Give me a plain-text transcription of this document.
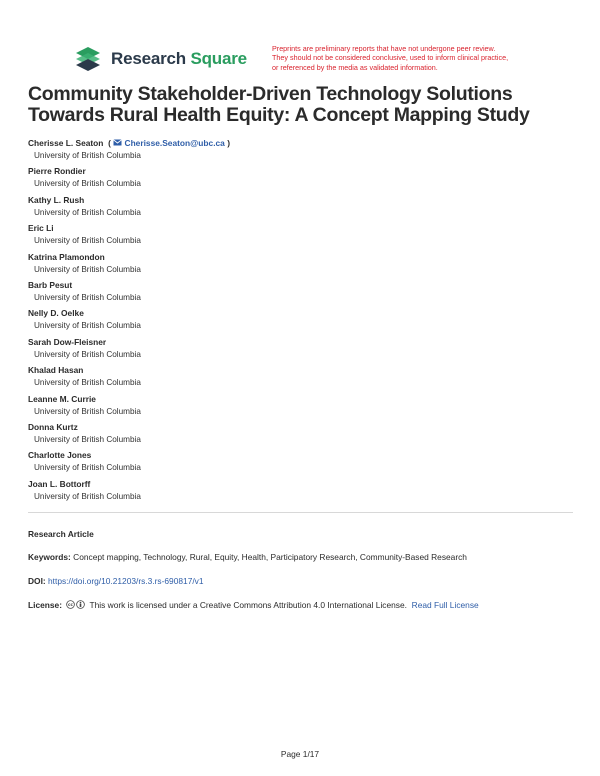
Research Square
Preprints are preliminary reports that have not undergone peer review.
They should not be considered conclusive, used to inform clinical practice,
or referenced by the media as validated information.
Community Stakeholder-Driven Technology Solutions Towards Rural Health Equity: A Concept Mapping Study
Cherisse L. Seaton ( Cherisse.Seaton@ubc.ca )
University of British Columbia
Pierre Rondier
University of British Columbia
Kathy L. Rush
University of British Columbia
Eric Li
University of British Columbia
Katrina Plamondon
University of British Columbia
Barb Pesut
University of British Columbia
Nelly D. Oelke
University of British Columbia
Sarah Dow-Fleisner
University of British Columbia
Khalad Hasan
University of British Columbia
Leanne M. Currie
University of British Columbia
Donna Kurtz
University of British Columbia
Charlotte Jones
University of British Columbia
Joan L. Bottorff
University of British Columbia
Research Article
Keywords: Concept mapping, Technology, Rural, Equity, Health, Participatory Research, Community-Based Research
DOI: https://doi.org/10.21203/rs.3.rs-690817/v1
License: cc This work is licensed under a Creative Commons Attribution 4.0 International License. Read Full License
Page 1/17
